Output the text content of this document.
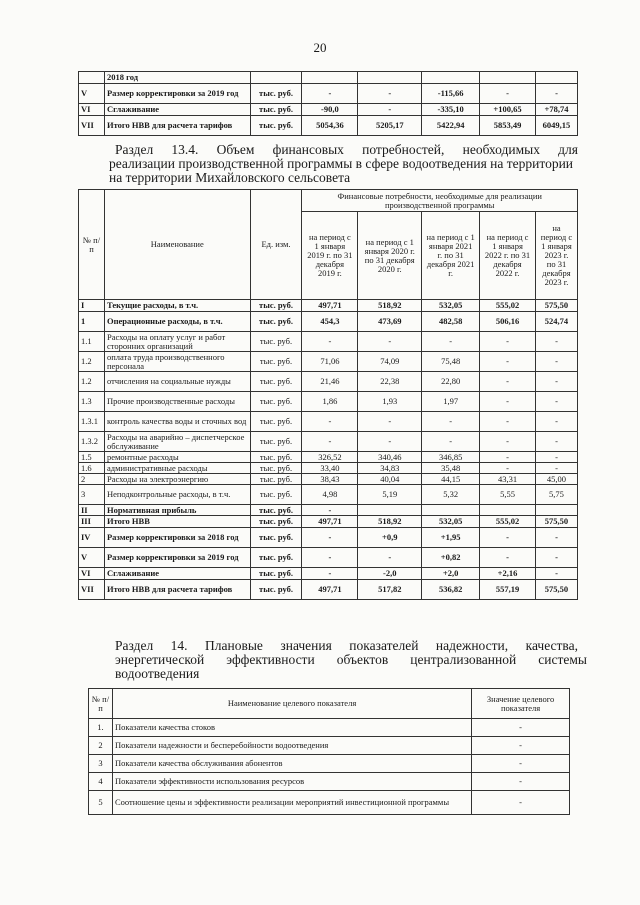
20
	2018 год						
V	Размер корректировки за 2019 год	тыс. руб.	-	-	-115,66	-	-
VI	Сглаживание	тыс. руб.	-90,0	-	-335,10	+100,65	+78,74
VII	Итого НВВ для расчета тарифов	тыс. руб.	5054,36	5205,17	5422,94	5853,49	6049,15
Раздел 13.4. Объем финансовых потребностей, необходимых для
реализации производственной программы в сфере водоотведения на территории
на территории Михайловского сельсовета
№ п/п	Наименование	Ед. изм.	Финансовые потребности, необходимые для реализации производственной программы				
			на период с 1 января 2019 г. по 31 декабря 2019 г.	на период с 1 января 2020 г. по 31 декабря 2020 г.	на период с 1 января 2021 г. по 31 декабря 2021 г.	на период с 1 января 2022 г. по 31 декабря 2022 г.	на период с 1 января 2023 г. по 31 декабря 2023 г.
I	Текущие расходы, в т.ч.	тыс. руб.	497,71	518,92	532,05	555,02	575,50
1	Операционные расходы, в т.ч.	тыс. руб.	454,3	473,69	482,58	506,16	524,74
1.1	Расходы на оплату услуг и работ сторонних организаций	тыс. руб.	-	-	-	-	-
1.2	оплата труда производственного персонала	тыс. руб.	71,06	74,09	75,48	-	-
1.2	отчисления на социальные нужды	тыс. руб.	21,46	22,38	22,80	-	-
1.3	Прочие производственные расходы	тыс. руб.	1,86	1,93	1,97	-	-
1.3.1	контроль качества воды и сточных вод	тыс. руб.	-	-	-	-	-
1.3.2	Расходы на аварийно – диспетчерское обслуживание	тыс. руб.	-	-	-	-	-
1.5	ремонтные расходы	тыс. руб.	326,52	340,46	346,85	-	-
1.6	административные расходы	тыс. руб.	33,40	34,83	35,48	-	-
2	Расходы на электроэнергию	тыс. руб.	38,43	40,04	44,15	43,31	45,00
3	Неподконтрольные расходы, в т.ч.	тыс. руб.	4,98	5,19	5,32	5,55	5,75
II	Нормативная прибыль	тыс. руб.	-				
III	Итого НВВ	тыс. руб.	497,71	518,92	532,05	555,02	575,50
IV	Размер корректировки за 2018 год	тыс. руб.	-	+0,9	+1,95	-	-
V	Размер корректировки за 2019 год	тыс. руб.	-	-	+0,82	-	-
VI	Сглаживание	тыс. руб.	-	-2,0	+2,0	+2,16	-
VII	Итого НВВ для расчета тарифов	тыс. руб.	497,71	517,82	536,82	557,19	575,50
Раздел 14. Плановые значения показателей надежности, качества,
энергетической эффективности объектов централизованной системы
водоотведения
№ п/п	Наименование целевого показателя	Значение целевого показателя
1.	Показатели качества стоков	-
2	Показатели надежности и бесперебойности водоотведения	-
3	Показатели качества обслуживания абонентов	-
4	Показатели эффективности использования ресурсов	-
5	Соотношение цены и эффективности реализации мероприятий инвестиционной программы	-
